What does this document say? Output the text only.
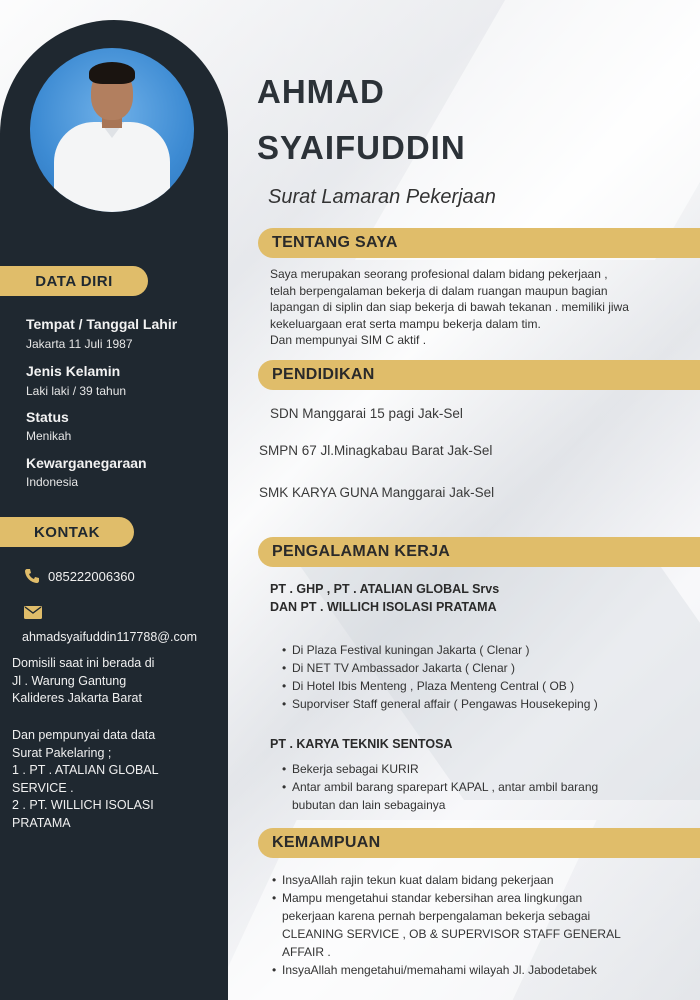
DATA DIRI
Tempat / Tanggal Lahir
Jakarta 11 Juli 1987
Jenis Kelamin
Laki laki / 39 tahun
Status
Menikah
Kewarganegaraan
Indonesia
KONTAK
085222006360
ahmadsyaifuddin117788@.com
Domisili saat ini berada di
Jl . Warung Gantung
Kalideres Jakarta Barat
Dan pempunyai data data
Surat Pakelaring ;
1 . PT . ATALIAN GLOBAL
SERVICE .
2 . PT. WILLICH ISOLASI
PRATAMA
AHMAD
SYAIFUDDIN
Surat Lamaran Pekerjaan
TENTANG SAYA
Saya merupakan seorang profesional dalam bidang pekerjaan ,
telah berpengalaman bekerja di dalam ruangan maupun bagian
lapangan di siplin dan siap bekerja di bawah tekanan . memiliki jiwa
kekeluargaan erat serta mampu bekerja dalam tim.
Dan mempunyai SIM C aktif .
PENDIDIKAN
SDN Manggarai 15 pagi Jak-Sel
SMPN 67 Jl.Minagkabau Barat Jak-Sel
SMK KARYA GUNA Manggarai Jak-Sel
PENGALAMAN KERJA
PT . GHP , PT . ATALIAN GLOBAL Srvs
DAN PT . WILLICH ISOLASI PRATAMA
• Di Plaza Festival kuningan Jakarta ( Clenar )
• Di NET TV Ambassador Jakarta ( Clenar )
• Di Hotel Ibis Menteng , Plaza Menteng Central ( OB )
• Suporviser Staff general affair ( Pengawas Housekeping )
PT . KARYA TEKNIK SENTOSA
• Bekerja sebagai KURIR
• Antar ambil barang sparepart KAPAL , antar ambil barang
bubutan dan lain sebagainya
KEMAMPUAN
• InsyaAllah rajin tekun kuat dalam bidang pekerjaan
• Mampu mengetahui standar kebersihan area lingkungan
pekerjaan karena pernah berpengalaman bekerja sebagai
CLEANING SERVICE , OB & SUPERVISOR STAFF GENERAL
AFFAIR .
• InsyaAllah mengetahui/memahami wilayah Jl. Jabodetabek
